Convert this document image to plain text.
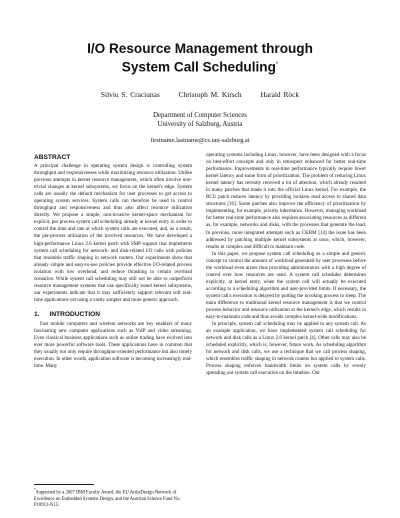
I/O Resource Management through
System Call Scheduling*
Silviu S. Craciunas	Christoph M. Kirsch	Harald Röck
Department of Computer Sciences
University of Salzburg, Austria
firstname.lastname@cs.uni-salzburg.at
ABSTRACT

A principal challenge in operating system design is controlling system throughput and responsiveness while maximizing resource utilization. Unlike previous attempts in kernel resource management, which often involve non-trivial changes at kernel subsystems, we focus on the kernel's edge. System calls are usually the default mechanism for user processes to get access to operating system services. System calls can therefore be used to control throughput and responsiveness and thus also affect resource utilization directly. We propose a simple, non-invasive kernel-space mechanism for explicit, per process system call scheduling already at kernel entry in order to control the time and rate at which system calls are executed, and, as a result, the per-process utilization of the involved resources. We have developed a high-performance Linux 2.6 kernel patch with SMP support that implements system call scheduling for network- and disk-related I/O calls with policies that resemble traffic shaping in network routers. Our experiments show that already simple and easy-to-use policies provide effective I/O-related process isolation with low overhead, and reduce thrashing in certain overload scenarios. While system call scheduling may still not be able to outperform resource management systems that use specifically tuned kernel subsystems, our experiments indicate that it may sufficiently support relevant soft real-time applications yet using a vastly simpler and more generic approach.

1. INTRODUCTION

Fast mobile computers and wireless networks are key enablers of many fascinating new computer applications such as VoIP and video streaming. Even classical business applications such as online trading have evolved into ever more powerful software tools. These applications have in common that they usually not only require throughput-oriented performance but also timely execution. In other words, application software is becoming increasingly real-time. Many

*Supported by a 2007 IBM Faculty Award, the EU ArtistDesign Network of Excellence on Embedded Systems Design, and the Austrian Science Fund No. P18913-N15.

operating systems including Linux, however, have been designed with a focus on best-effort concepts and only in retrospect enhanced for better real-time performance. Improvements in real-time performance typically require lower kernel latency and some form of prioritization. The problem of reducing Linux kernel latency has recently received a lot of attention, which already resulted in many patches that made it into the official Linux kernel. For example, the RCU patch reduces latency by providing lockless read access to shared data structures [16]. Some patches also improve the efficiency of prioritization by implementing, for example, priority inheritance. However, managing workload for better real-time performance also requires associating resources as different as, for example, networks and disks, with the processes that generate the load. In previous, more integrated attempts such as CKRM [14] the issue has been addressed by patching multiple kernel subsystems at once, which, however, results in complex and difficult to maintain code.

In this paper, we propose system call scheduling as a simple and generic concept to control the amount of workload generated by user processes before the workload even arises thus providing administrators with a high degree of control over how resources are used. A system call scheduler determines explicitly, at kernel entry, when the system call will actually be executed according to a scheduling algorithm and user-provided limits. If necessary, the system call's execution is delayed by putting the invoking process to sleep. The main difference to traditional kernel resource management is that we control process behavior and resource utilization at the kernel's edge, which results in easy-to-maintain code and thus avoids complex kernel-wide modifications.

In principle, system call scheduling may be applied to any system call. As an example application, we have implemented system call scheduling for network and disk calls as a Linux 2.6 kernel patch [4]. Other calls may also be scheduled explicitly, which is, however, future work. As scheduling algorithm for network and disk calls, we use a technique that we call process shaping, which resembles traffic shaping in network routers but applied to system calls. Process shaping enforces bandwidth limits on system calls by evenly spreading out system call execution on the timeline. Our
